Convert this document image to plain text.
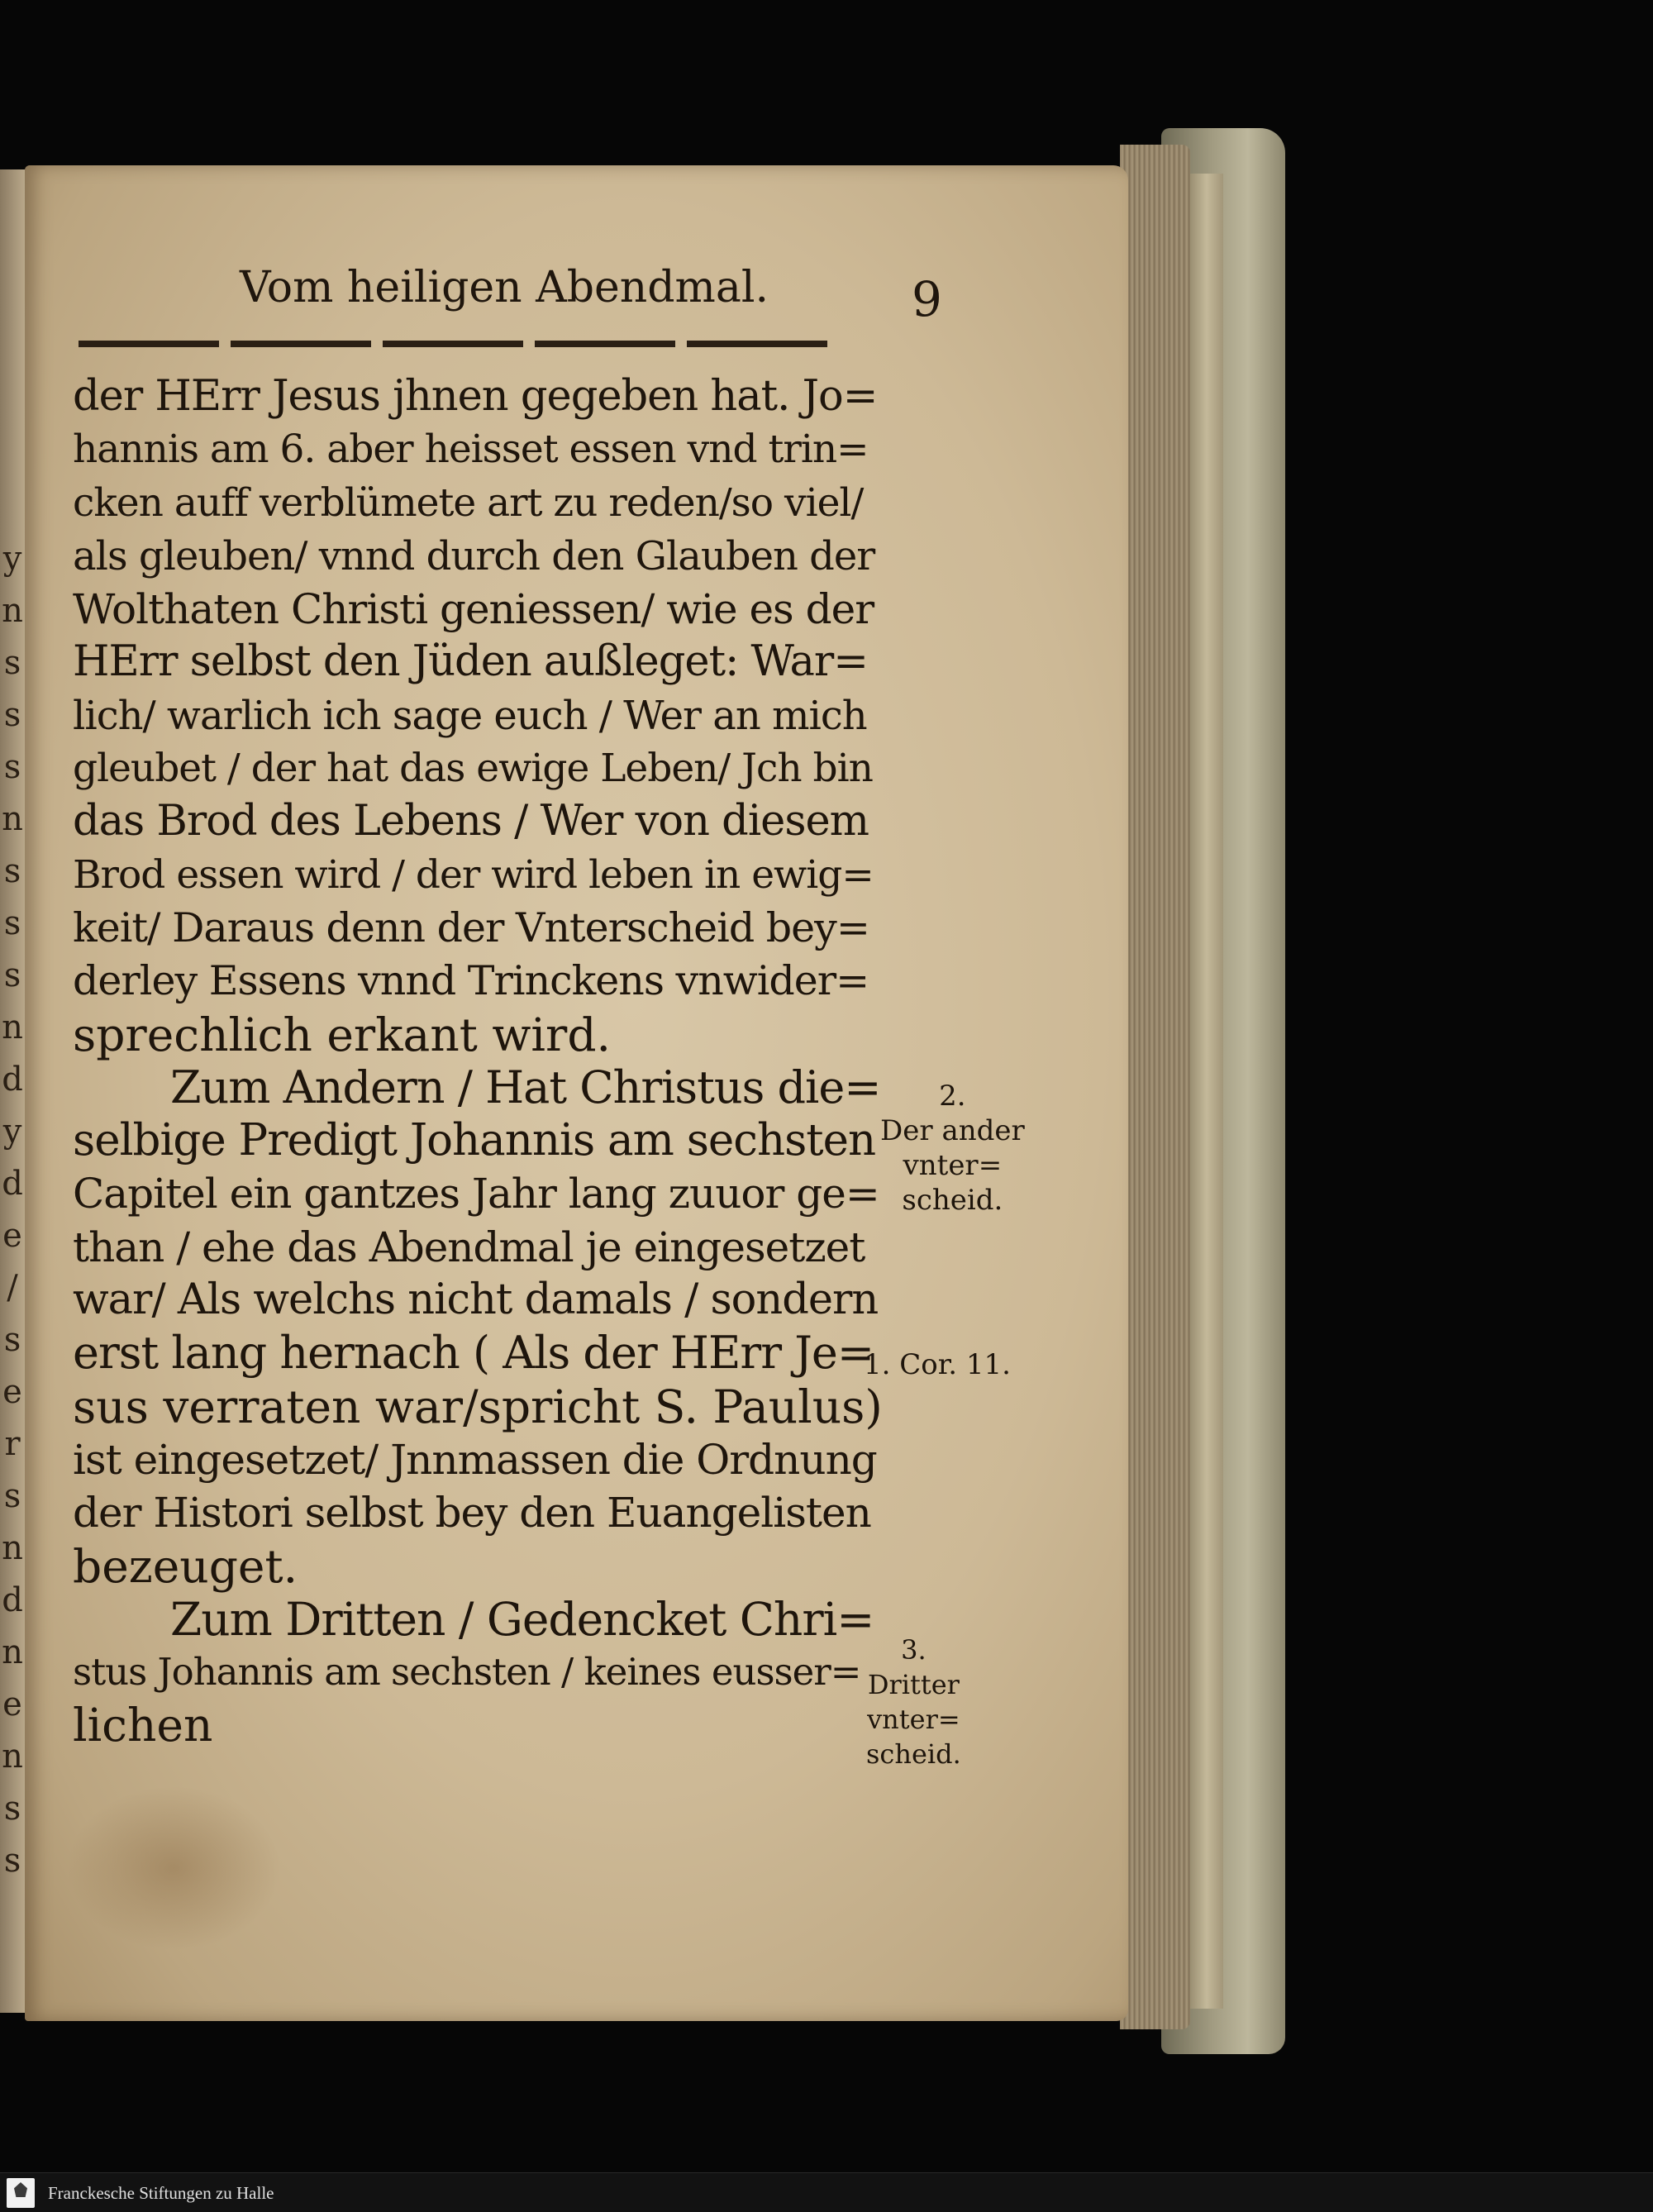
y
n
s
s
s
n
s
s
s
n
d
y
d
e
/
s
e
r
s
n
d
n
e
n
s
s
Vom heiligen Abendmal.	9
der HErr Jesus jhnen gegeben hat. Jo=
hannis am 6. aber heisset essen vnd trin=
cken auff verblümete art zu reden/so viel/
als gleuben/ vnnd durch den Glauben der
Wolthaten Christi geniessen/ wie es der
HErr selbst den Jüden außleget: War=
lich/ warlich ich sage euch / Wer an mich
gleubet / der hat das ewige Leben/ Jch bin
das Brod des Lebens / Wer von diesem
Brod essen wird / der wird leben in ewig=
keit/ Daraus denn der Vnterscheid bey=
derley Essens vnnd Trinckens vnwider=
sprechlich erkant wird.
Zum Andern / Hat Christus die=
selbige Predigt Johannis am sechsten
Capitel ein gantzes Jahr lang zuuor ge=
than / ehe das Abendmal je eingesetzet
war/ Als welchs nicht damals / sondern
erst lang hernach ( Als der HErr Je=
sus verraten war/spricht S. Paulus)
ist eingesetzet/ Jnnmassen die Ordnung
der Histori selbst bey den Euangelisten
bezeuget.
Zum Dritten / Gedencket Chri=
stus Johannis am sechsten / keines eusser=
lichen
2.
Der ander
vnter=
scheid.
1. Cor. 11.
3.
Dritter
vnter=
scheid.
Franckesche Stiftungen zu Halle
